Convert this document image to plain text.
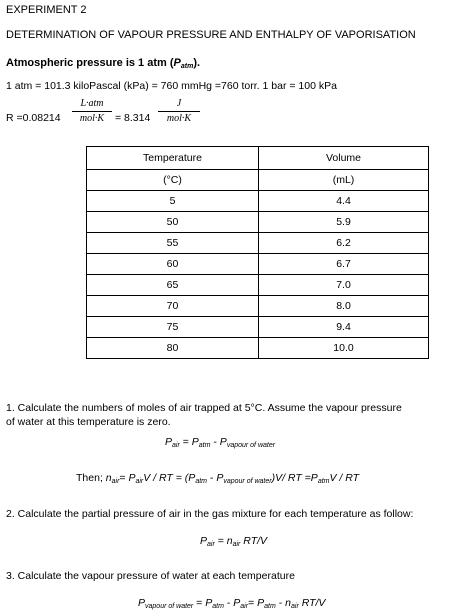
EXPERIMENT 2
DETERMINATION OF VAPOUR PRESSURE AND ENTHALPY OF VAPORISATION
Atmospheric pressure is 1 atm $(P_{atm})$.
1 atm = 101.3 kiloPascal (kPa) = 760 mmHg =760 torr. 1 bar = 100 kPa
R =0.08214
L·atm
mol·K	= 8.314
J
mol·K
Temperature	Volume
(°C)	(mL)
5	4.4
50	5.9
55	6.2
60	6.7
65	7.0
70	8.0
75	9.4
80	10.0
1. Calculate the numbers of moles of air trapped at 5°C. Assume the vapour pressure
of water at this temperature is zero.
$P_{air} = P_{atm} - P_{vapour of water}$
Then; $n_{air}= P_{air}V$ / RT = $(P_{atm} - P_{vapour of water})V/$ RT $=P_{atm}V$ / RT
2. Calculate the partial pressure of air in the gas mixture for each temperature as follow:
$P_{air} = n_{air}$ RT/V
3. Calculate the vapour pressure of water at each temperature
$P_{vapour of water} = P_{atm} - P_{air}= P_{atm} - n_{air}$ RT/V
